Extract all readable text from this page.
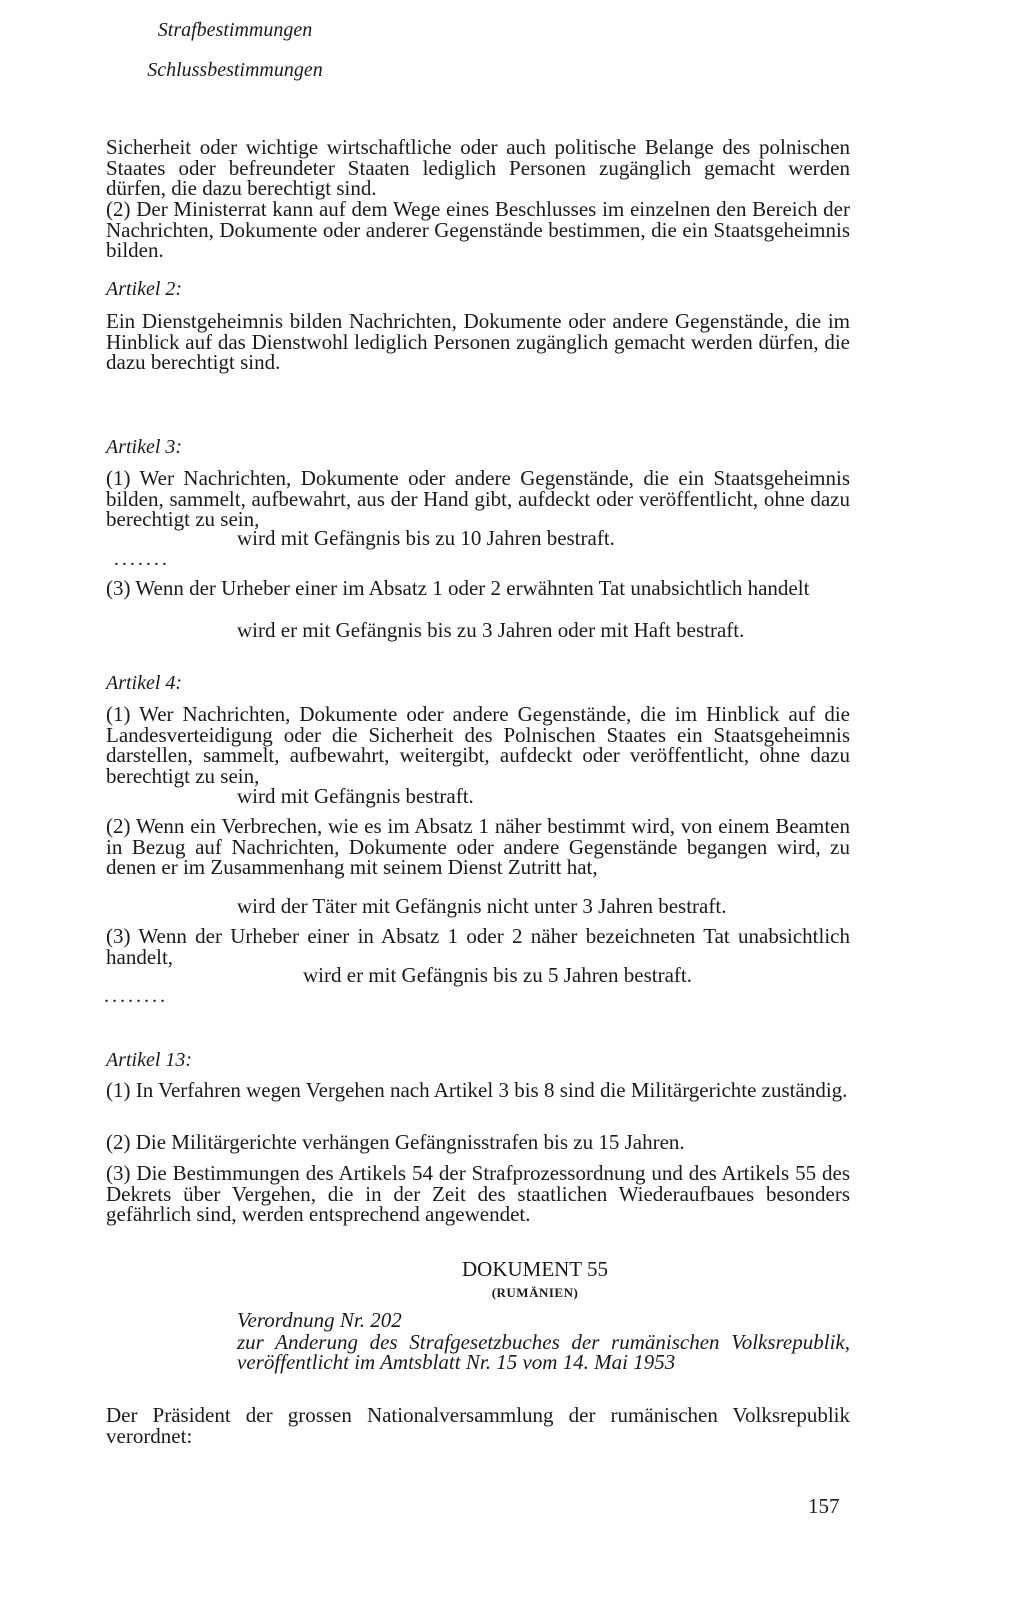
Sicherheit oder wichtige wirtschaftliche oder auch politische Belange des polnischen Staates oder befreundeter Staaten lediglich Personen zugänglich gemacht werden dürfen, die dazu berechtigt sind.

(2) Der Ministerrat kann auf dem Wege eines Beschlusses im einzelnen den Bereich der Nachrichten, Dokumente oder anderer Gegenstände bestimmen, die ein Staatsgeheimnis bilden.

Artikel 2:

Ein Dienstgeheimnis bilden Nachrichten, Dokumente oder andere Gegenstände, die im Hinblick auf das Dienstwohl lediglich Personen zugänglich gemacht werden dürfen, die dazu berechtigt sind.

Strafbestimmungen

Artikel 3:

(1) Wer Nachrichten, Dokumente oder andere Gegenstände, die ein Staatsgeheimnis bilden, sammelt, aufbewahrt, aus der Hand gibt, aufdeckt oder veröffentlicht, ohne dazu berechtigt zu sein,

wird mit Gefängnis bis zu 10 Jahren bestraft.

.......

(3) Wenn der Urheber einer im Absatz 1 oder 2 erwähnten Tat unabsichtlich handelt

wird er mit Gefängnis bis zu 3 Jahren oder mit Haft bestraft.

Artikel 4:

(1) Wer Nachrichten, Dokumente oder andere Gegenstände, die im Hinblick auf die Landesverteidigung oder die Sicherheit des Polnischen Staates ein Staatsgeheimnis darstellen, sammelt, aufbewahrt, weitergibt, aufdeckt oder veröffentlicht, ohne dazu berechtigt zu sein,

wird mit Gefängnis bestraft.

(2) Wenn ein Verbrechen, wie es im Absatz 1 näher bestimmt wird, von einem Beamten in Bezug auf Nachrichten, Dokumente oder andere Gegenstände begangen wird, zu denen er im Zusammenhang mit seinem Dienst Zutritt hat,

wird der Täter mit Gefängnis nicht unter 3 Jahren bestraft.

(3) Wenn der Urheber einer in Absatz 1 oder 2 näher bezeichneten Tat unabsichtlich handelt,

wird er mit Gefängnis bis zu 5 Jahren bestraft.

........

Schlussbestimmungen

Artikel 13:

(1) In Verfahren wegen Vergehen nach Artikel 3 bis 8 sind die Militärgerichte zuständig.

(2) Die Militärgerichte verhängen Gefängnisstrafen bis zu 15 Jahren.

(3) Die Bestimmungen des Artikels 54 der Strafprozessordnung und des Artikels 55 des Dekrets über Vergehen, die in der Zeit des staatlichen Wiederaufbaues besonders gefährlich sind, werden entsprechend angewendet.

DOKUMENT 55

(RUMÄNIEN)

Verordnung Nr. 202

zur Anderung des Strafgesetzbuches der rumänischen Volksrepublik, veröffentlicht im Amtsblatt Nr. 15 vom 14. Mai 1953

Der Präsident der grossen Nationalversammlung der rumänischen Volksrepublik verordnet:

157
